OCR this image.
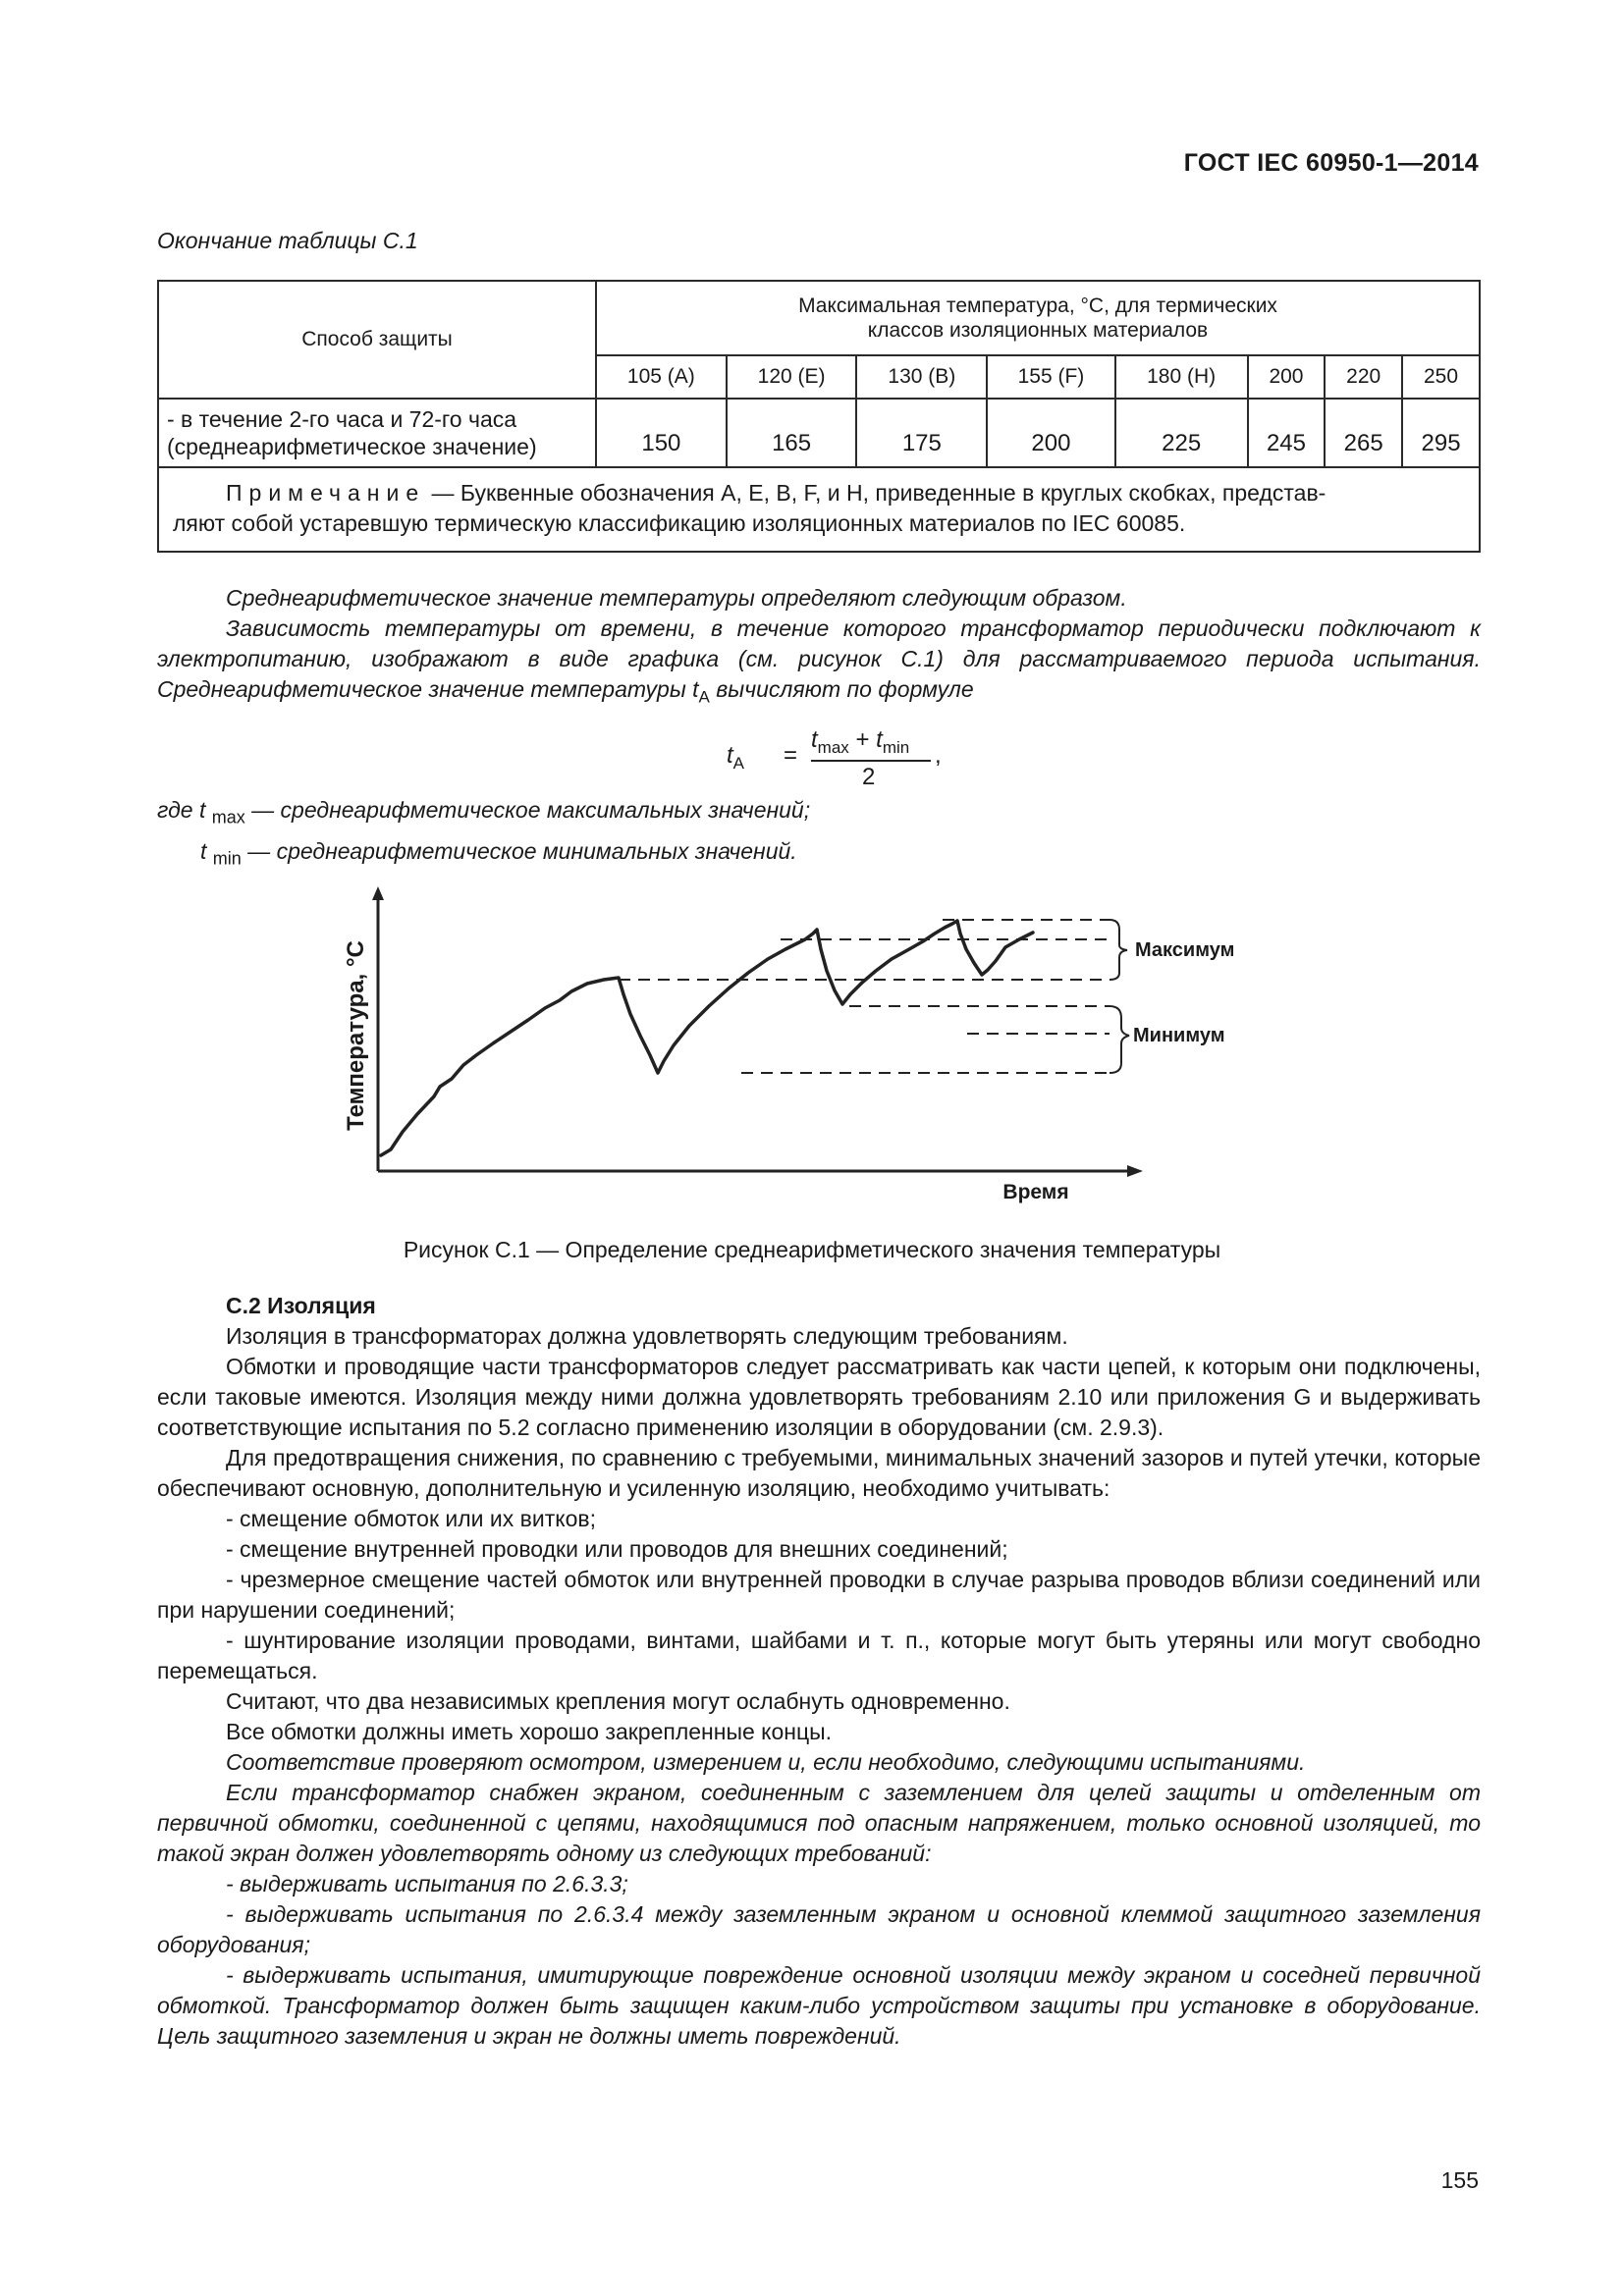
ГОСТ IEC 60950-1—2014
Окончание таблицы С.1
Способ защиты	Максимальная температура, °C, для термических классов изоляционных материалов							
	105 (A)	120 (E)	130 (B)	155 (F)	180 (H)	200	220	250

- в течение 2-го часа и 72-го часа
(среднеарифметическое значение)	150	165	175	200	225	245	265	295

Примечание — Буквенные обозначения A, E, B, F, и H, приведенные в круглых скобках, представ-
ляют собой устаревшую термическую классификацию изоляционных материалов по IEC 60085.								

Среднеарифметическое значение температуры определяют следующим образом.

Зависимость температуры от времени, в течение которого трансформатор периодически подключают к электропитанию, изображают в виде графика (см. рисунок С.1) для рассматриваемого периода испытания. Среднеарифметическое значение температуры $t_A$ вычисляют по формуле

$t_A$ =
$t_{max} + t_{min}$
2
,
где t $_{max}$ — среднеарифметическое максимальных значений;
t $_{min}$ — среднеарифметическое минимальных значений.
Температура, °C
Время
Максимум
Минимум
Рисунок С.1 — Определение среднеарифметического значения температуры

С.2 Изоляция

Изоляция в трансформаторах должна удовлетворять следующим требованиям.

Обмотки и проводящие части трансформаторов следует рассматривать как части цепей, к которым они подключены, если таковые имеются. Изоляция между ними должна удовлетворять требованиям 2.10 или приложения G и выдерживать соответствующие испытания по 5.2 согласно применению изоляции в оборудовании (см. 2.9.3).

Для предотвращения снижения, по сравнению с требуемыми, минимальных значений зазоров и путей утечки, которые обеспечивают основную, дополнительную и усиленную изоляцию, необходимо учитывать:

- смещение обмоток или их витков;

- смещение внутренней проводки или проводов для внешних соединений;

- чрезмерное смещение частей обмоток или внутренней проводки в случае разрыва проводов вблизи соединений или при нарушении соединений;

- шунтирование изоляции проводами, винтами, шайбами и т. п., которые могут быть утеряны или могут свободно перемещаться.

Считают, что два независимых крепления могут ослабнуть одновременно.

Все обмотки должны иметь хорошо закрепленные концы.

Соответствие проверяют осмотром, измерением и, если необходимо, следующими испытаниями.

Если трансформатор снабжен экраном, соединенным с заземлением для целей защиты и отделенным от первичной обмотки, соединенной с цепями, находящимися под опасным напряжением, только основной изоляцией, то такой экран должен удовлетворять одному из следующих требований:

- выдерживать испытания по 2.6.3.3;

- выдерживать испытания по 2.6.3.4 между заземленным экраном и основной клеммой защитного заземления оборудования;

- выдерживать испытания, имитирующие повреждение основной изоляции между экраном и соседней первичной обмоткой. Трансформатор должен быть защищен каким-либо устройством защиты при установке в оборудование. Цель защитного заземления и экран не должны иметь повреждений.

155
